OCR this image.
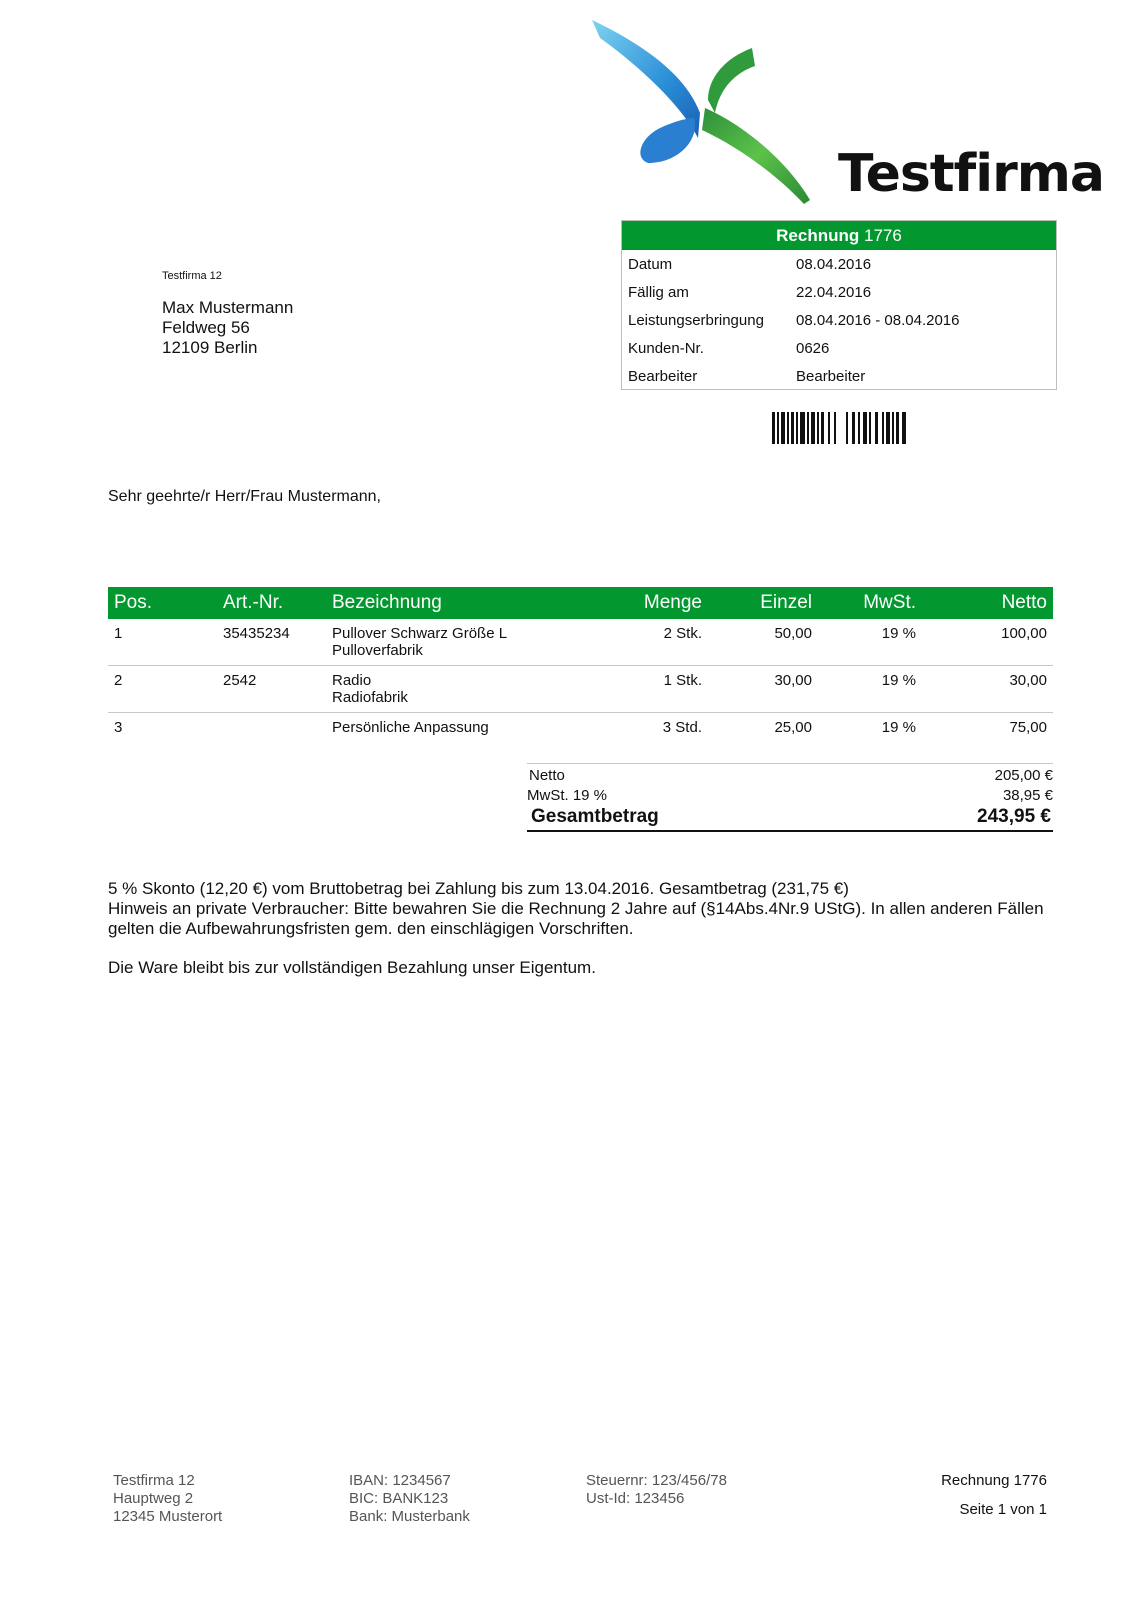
Testfirma
Rechnung 1776
Datum	08.04.2016
Fällig am	22.04.2016
Leistungserbringung 08.04.2016 - 08.04.2016
Kunden-Nr.	0626
Bearbeiter	Bearbeiter
Testfirma 12
Max Mustermann
Feldweg 56
12109 Berlin
Sehr geehrte/r Herr/Frau Mustermann,
Pos.	Art.-Nr.	Bezeichnung	Menge	Einzel	MwSt.	Netto
1	35435234	Pullover Schwarz Größe L
Pulloverfabrik	2 Stk.	50,00	19 %	100,00
2	2542	Radio
Radiofabrik	1 Stk.	30,00	19 %	30,00
3		Persönliche Anpassung	3 Std.	25,00	19 %	75,00
Netto	205,00 €
MwSt. 19 %	38,95 €
Gesamtbetrag	243,95 €
5 % Skonto (12,20 €) vom Bruttobetrag bei Zahlung bis zum 13.04.2016. Gesamtbetrag (231,75 €)
Hinweis an private Verbraucher: Bitte bewahren Sie die Rechnung 2 Jahre auf (§14Abs.4Nr.9 UStG). In allen anderen Fällen
gelten die Aufbewahrungsfristen gem. den einschlägigen Vorschriften.
Die Ware bleibt bis zur vollständigen Bezahlung unser Eigentum.
Testfirma 12
Hauptweg 2
12345 Musterort
IBAN: 1234567
BIC: BANK123
Bank: Musterbank
Steuernr: 123/456/78
Ust-Id: 123456
Rechnung 1776
Seite 1 von 1
